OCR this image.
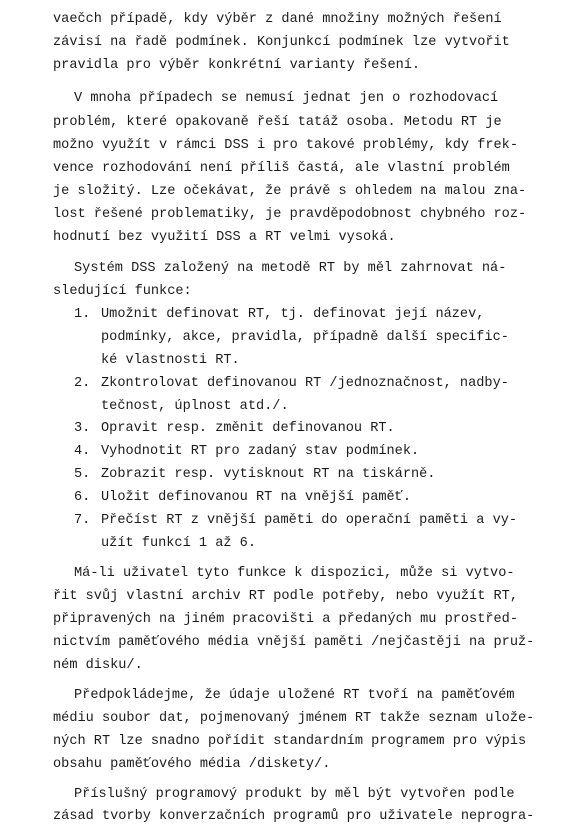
vaečch případě, kdy výběr z dané množiny možných řešení
závisí na řadě podmínek. Konjunkcí podmínek lze vytvořit
pravidla pro výběr konkrétní varianty řešení.
V mnoha případech se nemusí jednat jen o rozhodovací
problém, které opakovaně řeší tatáž osoba. Metodu RT je
možno využít v rámci DSS i pro takové problémy, kdy frek-
vence rozhodování není příliš častá, ale vlastní problém
je složitý. Lze očekávat, že právě s ohledem na malou zna-
lost řešené problematiky, je pravděpodobnost chybného roz-
hodnutí bez využití DSS a RT velmi vysoká.
Systém DSS založený na metodě RT by měl zahrnovat ná-
sledující funkce:
1. Umožnit definovat RT, tj. definovat její název,
podmínky, akce, pravidla, případně další specific-
ké vlastnosti RT.
2. Zkontrolovat definovanou RT /jednoznačnost, nadby-
tečnost, úplnost atd./.
3. Opravit resp. změnit definovanou RT.
4. Vyhodnotit RT pro zadaný stav podmínek.
5. Zobrazit resp. vytisknout RT na tiskárně.
6. Uložit definovanou RT na vnější paměť.
7. Přečíst RT z vnější paměti do operační paměti a vy-
užít funkcí 1 až 6.
Má-li uživatel tyto funkce k dispozici, může si vytvo-
řit svůj vlastní archiv RT podle potřeby, nebo využít RT,
připravených na jiném pracovišti a předaných mu prostřed-
nictvím paměťového média vnější paměti /nejčastěji na pruž-
ném disku/.
Předpokládejme, že údaje uložené RT tvoří na paměťovém
médiu soubor dat, pojmenovaný jménem RT takže seznam ulože-
ných RT lze snadno pořídit standardním programem pro výpis
obsahu paměťového média /diskety/.
Příslušný programový produkt by měl být vytvořen podle
zásad tvorby konverzačních programů pro uživatele neprogra-
